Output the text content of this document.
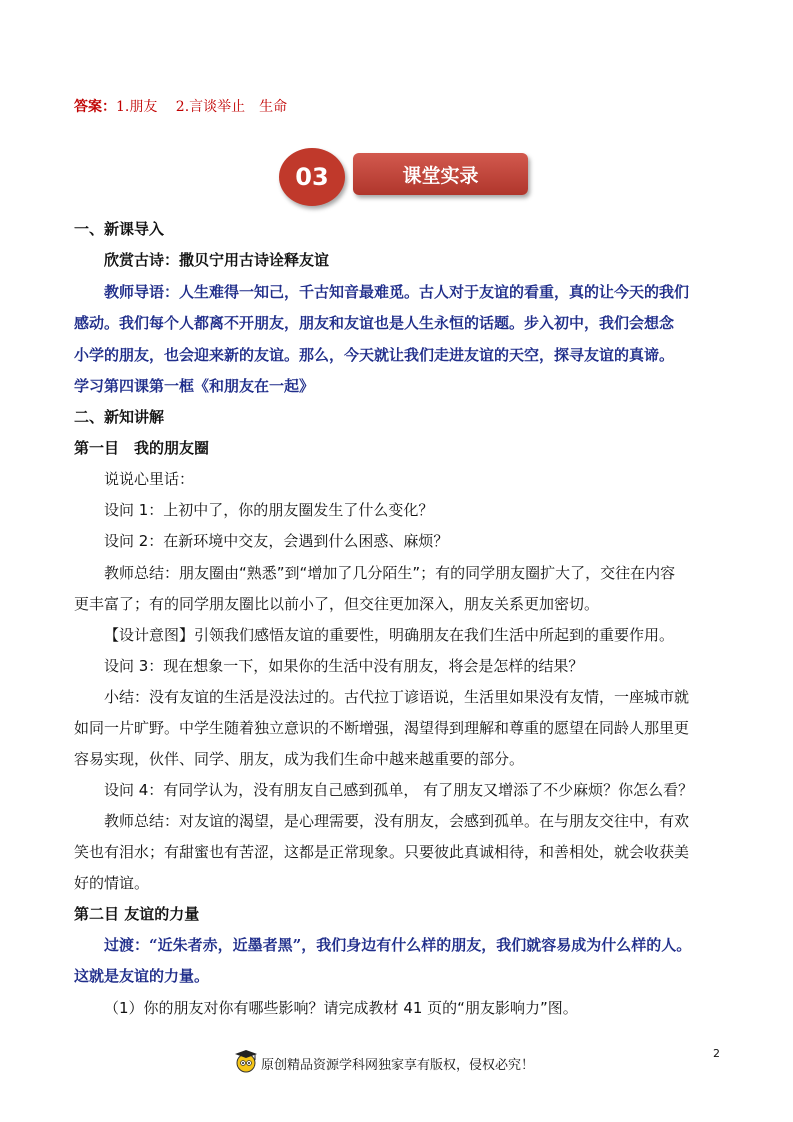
答案：1.朋友　 2.言谈举止　生命
03	课堂实录
一、新课导入
欣赏古诗：撒贝宁用古诗诠释友谊
教师导语：人生难得一知己，千古知音最难觅。古人对于友谊的看重，真的让今天的我们
感动。我们每个人都离不开朋友，朋友和友谊也是人生永恒的话题。步入初中，我们会想念
小学的朋友，也会迎来新的友谊。那么，今天就让我们走进友谊的天空，探寻友谊的真谛。
学习第四课第一框《和朋友在一起》
二、新知讲解
第一目　我的朋友圈
说说心里话：
设问 1：上初中了，你的朋友圈发生了什么变化？
设问 2：在新环境中交友，会遇到什么困惑、麻烦？
教师总结：朋友圈由“熟悉”到“增加了几分陌生”；有的同学朋友圈扩大了，交往在内容
更丰富了；有的同学朋友圈比以前小了，但交往更加深入，朋友关系更加密切。
【设计意图】引领我们感悟友谊的重要性，明确朋友在我们生活中所起到的重要作用。
设问 3：现在想象一下，如果你的生活中没有朋友，将会是怎样的结果？
小结：没有友谊的生活是没法过的。古代拉丁谚语说，生活里如果没有友情，一座城市就
如同一片旷野。中学生随着独立意识的不断增强，渴望得到理解和尊重的愿望在同龄人那里更
容易实现，伙伴、同学、朋友，成为我们生命中越来越重要的部分。
设问 4：有同学认为，没有朋友自己感到孤单， 有了朋友又增添了不少麻烦？你怎么看？
教师总结：对友谊的渴望，是心理需要，没有朋友，会感到孤单。在与朋友交往中，有欢
笑也有泪水；有甜蜜也有苦涩，这都是正常现象。只要彼此真诚相待，和善相处，就会收获美
好的情谊。
第二目 友谊的力量
过渡：“近朱者赤，近墨者黑”，我们身边有什么样的朋友，我们就容易成为什么样的人。
这就是友谊的力量。
（1）你的朋友对你有哪些影响？请完成教材 41 页的“朋友影响力”图。
2
原创精品资源学科网独家享有版权，侵权必究！
